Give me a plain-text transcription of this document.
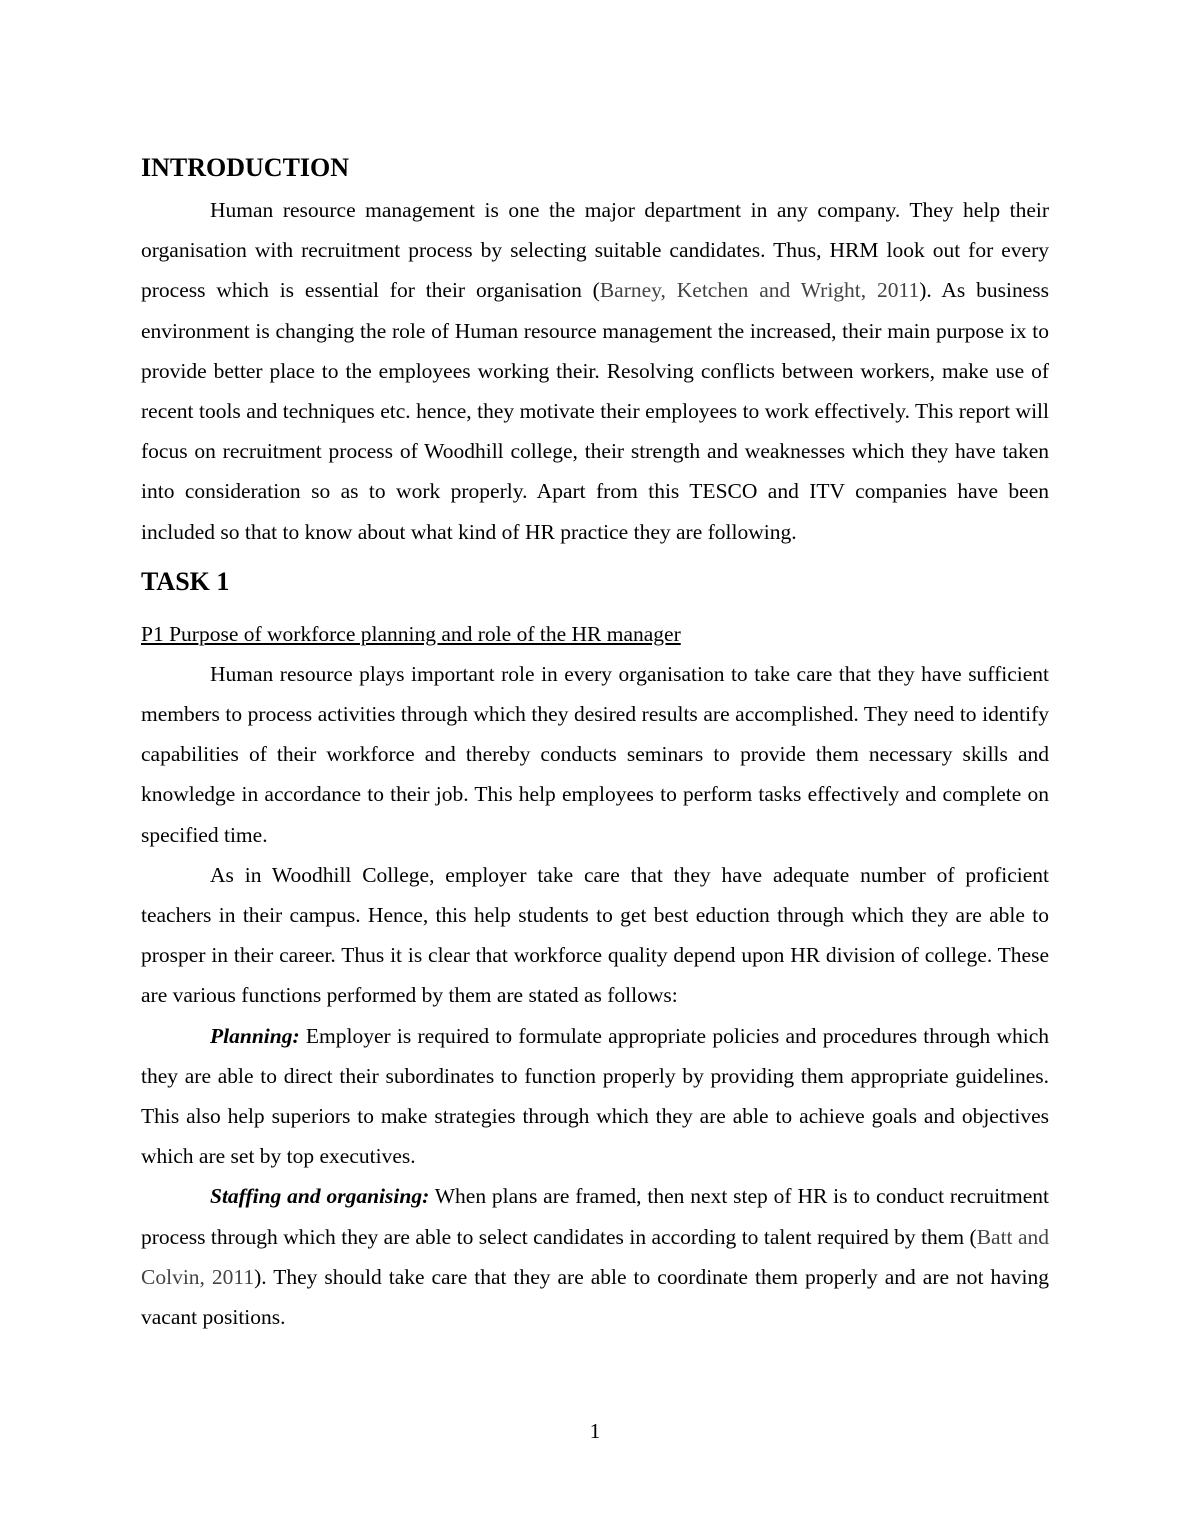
INTRODUCTION

Human resource management is one the major department in any company. They help their organisation with recruitment process by selecting suitable candidates. Thus, HRM look out for every process which is essential for their organisation (Barney, Ketchen and Wright, 2011). As business environment is changing the role of Human resource management the increased, their main purpose ix to provide better place to the employees working their. Resolving conflicts between workers, make use of recent tools and techniques etc. hence, they motivate their employees to work effectively. This report will focus on recruitment process of Woodhill college, their strength and weaknesses which they have taken into consideration so as to work properly. Apart from this TESCO and ITV companies have been included so that to know about what kind of HR practice they are following.

TASK 1
P1 Purpose of workforce planning and role of the HR manager

Human resource plays important role in every organisation to take care that they have sufficient members to process activities through which they desired results are accomplished. They need to identify capabilities of their workforce and thereby conducts seminars to provide them necessary skills and knowledge in accordance to their job. This help employees to perform tasks effectively and complete on specified time.

As in Woodhill College, employer take care that they have adequate number of proficient teachers in their campus. Hence, this help students to get best eduction through which they are able to prosper in their career. Thus it is clear that workforce quality depend upon HR division of college. These are various functions performed by them are stated as follows:

Planning: Employer is required to formulate appropriate policies and procedures through which they are able to direct their subordinates to function properly by providing them appropriate guidelines. This also help superiors to make strategies through which they are able to achieve goals and objectives which are set by top executives.

Staffing and organising: When plans are framed, then next step of HR is to conduct recruitment process through which they are able to select candidates in according to talent required by them (Batt and Colvin, 2011). They should take care that they are able to coordinate them properly and are not having vacant positions.

1
